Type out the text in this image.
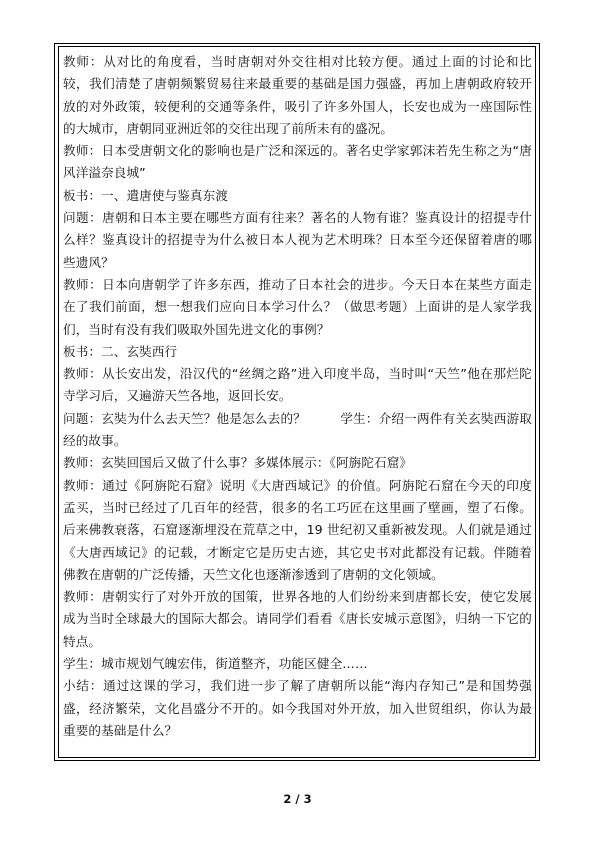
教师：从对比的角度看，当时唐朝对外交往相对比较方便。通过上面的讨论和比较，我们清楚了唐朝频繁贸易往来最重要的基础是国力强盛，再加上唐朝政府较开放的对外政策，较便利的交通等条件，吸引了许多外国人，长安也成为一座国际性的大城市，唐朝同亚洲近邻的交往出现了前所未有的盛况。

教师：日本受唐朝文化的影响也是广泛和深远的。著名史学家郭沫若先生称之为“唐风洋溢奈良城”

板书：一、遣唐使与鉴真东渡

问题：唐朝和日本主要在哪些方面有往来？著名的人物有谁？鉴真设计的招提寺什么样？鉴真设计的招提寺为什么被日本人视为艺术明珠？日本至今还保留着唐的哪些遗风？

教师：日本向唐朝学了许多东西，推动了日本社会的进步。今天日本在某些方面走在了我们前面，想一想我们应向日本学习什么？（做思考题）上面讲的是人家学我们，当时有没有我们吸取外国先进文化的事例？

板书：二、玄奘西行

教师：从长安出发，沿汉代的“丝绸之路”进入印度半岛，当时叫“天竺”他在那烂陀寺学习后，又遍游天竺各地，返回长安。

问题：玄奘为什么去天竺？他是怎么去的？	学生：介绍一两件有关玄奘西游取经的故事。

教师：玄奘回国后又做了什么事？多媒体展示：《阿旃陀石窟》

教师：通过《阿旃陀石窟》说明《大唐西域记》的价值。阿旃陀石窟在今天的印度孟买，当时已经过了几百年的经营，很多的名工巧匠在这里画了壁画，塑了石像。后来佛教衰落，石窟逐渐埋没在荒草之中，19 世纪初又重新被发现。人们就是通过《大唐西域记》的记载，才断定它是历史古迹，其它史书对此都没有记载。伴随着佛教在唐朝的广泛传播，天竺文化也逐渐渗透到了唐朝的文化领域。

教师：唐朝实行了对外开放的国策，世界各地的人们纷纷来到唐都长安，使它发展成为当时全球最大的国际大都会。请同学们看看《唐长安城示意图》，归纳一下它的特点。

学生：城市规划气魄宏伟，街道整齐，功能区健全……

小结：通过这课的学习，我们进一步了解了唐朝所以能“海内存知己”是和国势强盛，经济繁荣，文化昌盛分不开的。如今我国对外开放，加入世贸组织，你认为最重要的基础是什么？

2 / 3
